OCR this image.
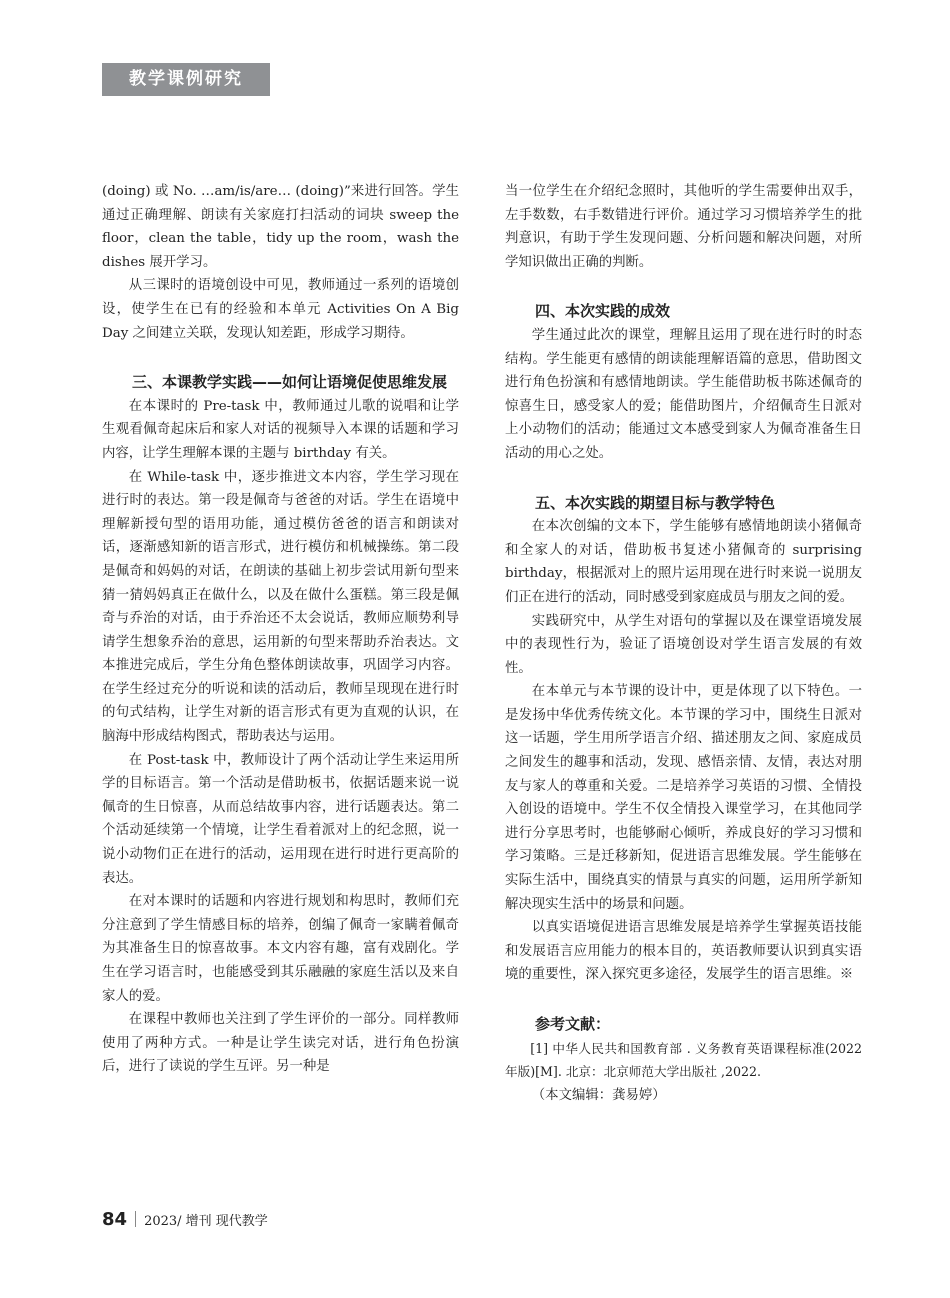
教学课例研究

(doing) 或 No. …am/is/are… (doing)”来进行回答。学生通过正确理解、朗读有关家庭打扫活动的词块 sweep the floor，clean the table，tidy up the room，wash the dishes 展开学习。

从三课时的语境创设中可见，教师通过一系列的语境创设，使学生在已有的经验和本单元 Activities On A Big Day 之间建立关联，发现认知差距，形成学习期待。

三、本课教学实践——如何让语境促使思维发展

在本课时的 Pre-task 中，教师通过儿歌的说唱和让学生观看佩奇起床后和家人对话的视频导入本课的话题和学习内容，让学生理解本课的主题与 birthday 有关。

在 While-task 中，逐步推进文本内容，学生学习现在进行时的表达。第一段是佩奇与爸爸的对话。学生在语境中理解新授句型的语用功能，通过模仿爸爸的语言和朗读对话，逐渐感知新的语言形式，进行模仿和机械操练。第二段是佩奇和妈妈的对话，在朗读的基础上初步尝试用新句型来猜一猜妈妈真正在做什么，以及在做什么蛋糕。第三段是佩奇与乔治的对话，由于乔治还不太会说话，教师应顺势利导请学生想象乔治的意思，运用新的句型来帮助乔治表达。文本推进完成后，学生分角色整体朗读故事，巩固学习内容。在学生经过充分的听说和读的活动后，教师呈现现在进行时的句式结构，让学生对新的语言形式有更为直观的认识，在脑海中形成结构图式，帮助表达与运用。

在 Post-task 中，教师设计了两个活动让学生来运用所学的目标语言。第一个活动是借助板书，依据话题来说一说佩奇的生日惊喜，从而总结故事内容，进行话题表达。第二个活动延续第一个情境，让学生看着派对上的纪念照，说一说小动物们正在进行的活动，运用现在进行时进行更高阶的表达。

在对本课时的话题和内容进行规划和构思时，教师们充分注意到了学生情感目标的培养，创编了佩奇一家瞒着佩奇为其准备生日的惊喜故事。本文内容有趣，富有戏剧化。学生在学习语言时，也能感受到其乐融融的家庭生活以及来自家人的爱。

在课程中教师也关注到了学生评价的一部分。同样教师使用了两种方式。一种是让学生读完对话，进行角色扮演后，进行了读说的学生互评。另一种是

当一位学生在介绍纪念照时，其他听的学生需要伸出双手，左手数数，右手数错进行评价。通过学习习惯培养学生的批判意识，有助于学生发现问题、分析问题和解决问题，对所学知识做出正确的判断。

四、本次实践的成效

学生通过此次的课堂，理解且运用了现在进行时的时态结构。学生能更有感情的朗读能理解语篇的意思，借助图文进行角色扮演和有感情地朗读。学生能借助板书陈述佩奇的惊喜生日，感受家人的爱；能借助图片，介绍佩奇生日派对上小动物们的活动；能通过文本感受到家人为佩奇准备生日活动的用心之处。

五、本次实践的期望目标与教学特色

在本次创编的文本下，学生能够有感情地朗读小猪佩奇和全家人的对话，借助板书复述小猪佩奇的 surprising birthday，根据派对上的照片运用现在进行时来说一说朋友们正在进行的活动，同时感受到家庭成员与朋友之间的爱。

实践研究中，从学生对语句的掌握以及在课堂语境发展中的表现性行为，验证了语境创设对学生语言发展的有效性。

在本单元与本节课的设计中，更是体现了以下特色。一是发扬中华优秀传统文化。本节课的学习中，围绕生日派对这一话题，学生用所学语言介绍、描述朋友之间、家庭成员之间发生的趣事和活动，发现、感悟亲情、友情，表达对朋友与家人的尊重和关爱。二是培养学习英语的习惯、全情投入创设的语境中。学生不仅全情投入课堂学习，在其他同学进行分享思考时，也能够耐心倾听，养成良好的学习习惯和学习策略。三是迁移新知，促进语言思维发展。学生能够在实际生活中，围绕真实的情景与真实的问题，运用所学新知解决现实生活中的场景和问题。

以真实语境促进语言思维发展是培养学生掌握英语技能和发展语言应用能力的根本目的，英语教师要认识到真实语境的重要性，深入探究更多途径，发展学生的语言思维。※

参考文献：

[1] 中华人民共和国教育部 . 义务教育英语课程标准(2022 年版)[M]. 北京：北京师范大学出版社 ,2022.

（本文编辑：龚易婷）

84 2023/ 增刊 现代教学
